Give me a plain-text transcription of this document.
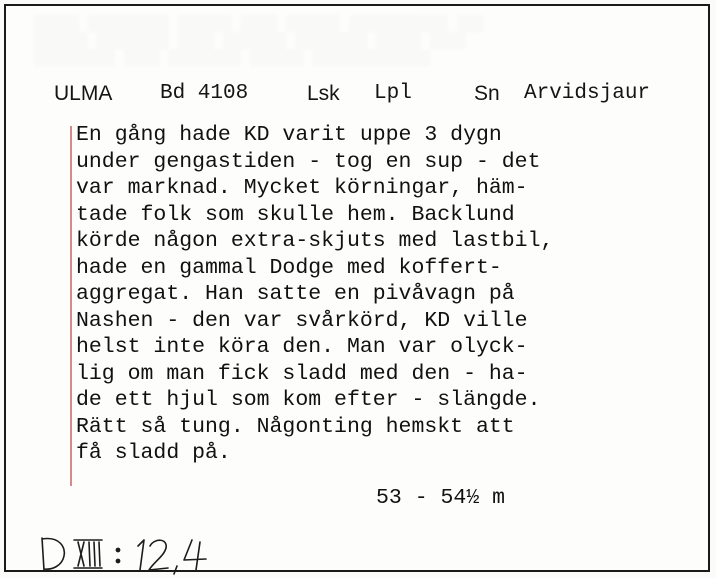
▒▒▒▒▒ ▒▒▒▒▒▒▒▒▒ ▒▒▒▒▒▒ ▒▒▒▒ ▒▒▒▒▒▒ ▒▒▒▒▒▒▒▒▒▒▒ ▒▒▒
▒▒▒▒▒▒ ▒▒▒▒▒▒▒▒ ▒▒▒▒ ▒▒▒▒▒▒▒ ▒▒▒▒▒▒▒▒ ▒▒▒▒▒ ▒▒▒▒
▒▒▒▒▒▒▒▒▒ ▒▒▒▒ ▒▒▒▒▒▒▒▒ ▒▒▒▒▒▒ ▒▒▒▒▒▒▒▒▒▒▒▒▒
ULMA Bd 4108	Lsk Lpl	Sn Arvidsjaur
En gång hade KD varit uppe 3 dygn
under gengastiden - tog en sup - det
var marknad. Mycket körningar, häm-
tade folk som skulle hem. Backlund
körde någon extra-skjuts med lastbil,
hade en gammal Dodge med koffert-
aggregat. Han satte en pivåvagn på
Nashen - den var svårkörd, KD ville
helst inte köra den. Man var olyck-
lig om man fick sladd med den - ha-
de ett hjul som kom efter - slängde.
Rätt så tung. Någonting hemskt att
få sladd på.
53 - 54½ m
